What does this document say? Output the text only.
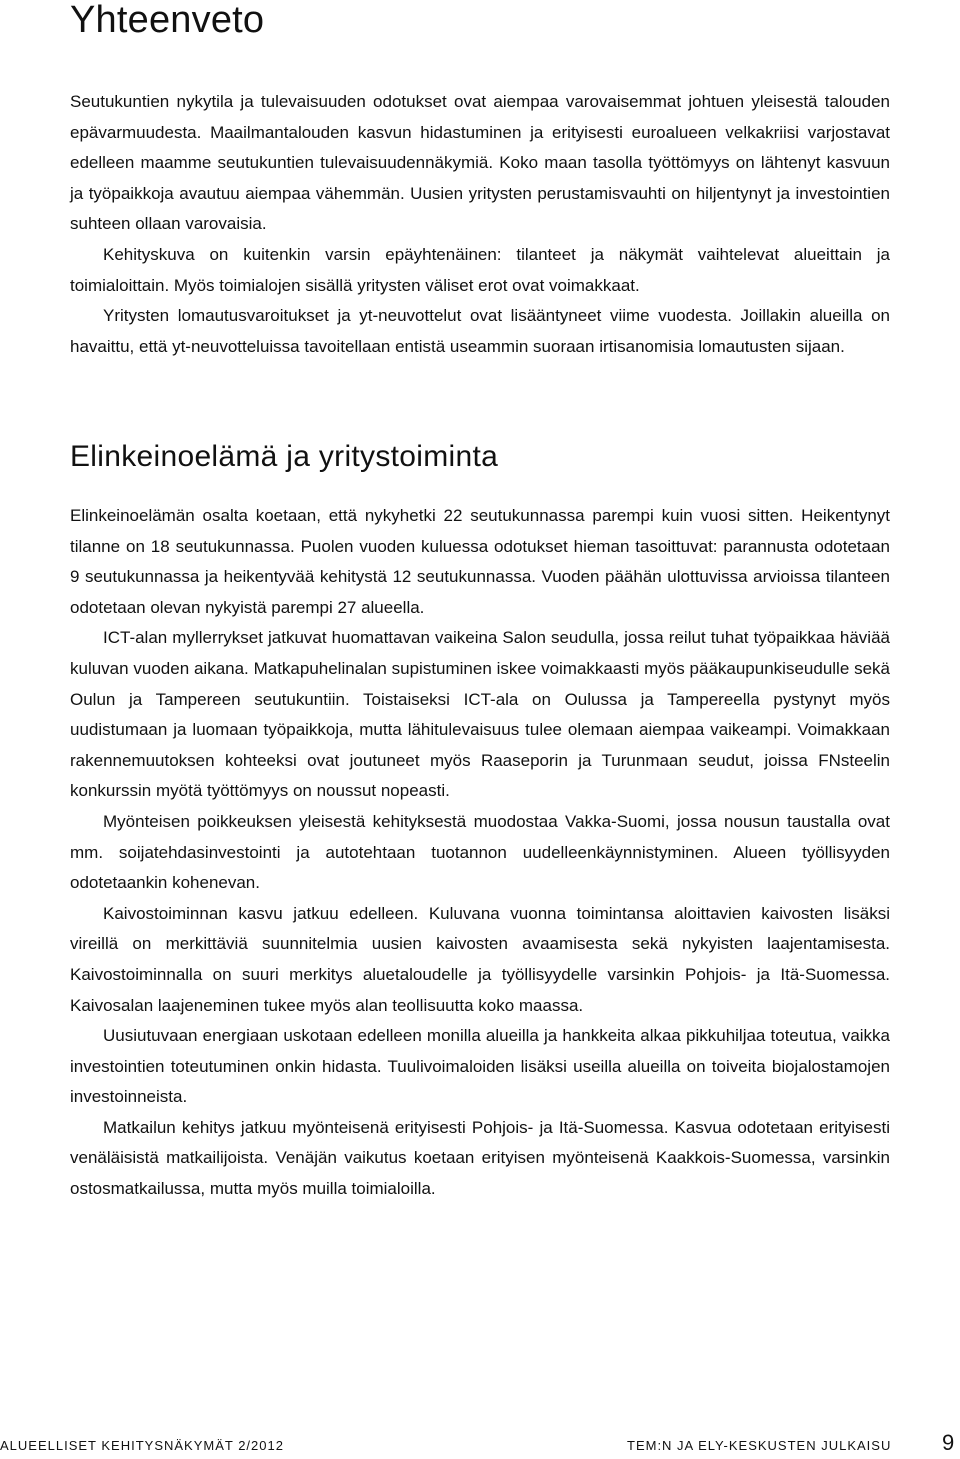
Yhteenveto

Seutukuntien nykytila ja tulevaisuuden odotukset ovat aiempaa varovaisemmat johtuen yleisestä talouden epävarmuudesta. Maailmantalouden kasvun hidastuminen ja erityisesti euroalueen velkakriisi varjostavat edelleen maamme seutukuntien tulevaisuudennäkymiä. Koko maan tasolla työttömyys on lähtenyt kasvuun ja työpaikkoja avautuu aiempaa vähemmän. Uusien yritysten perustamisvauhti on hiljentynyt ja investointien suhteen ollaan varovaisia.

Kehityskuva on kuitenkin varsin epäyhtenäinen: tilanteet ja näkymät vaihtelevat alueittain ja toimialoittain. Myös toimialojen sisällä yritysten väliset erot ovat voimakkaat.

Yritysten lomautusvaroitukset ja yt-neuvottelut ovat lisääntyneet viime vuodesta. Joillakin alueilla on havaittu, että yt-neuvotteluissa tavoitellaan entistä useammin suoraan irtisanomisia lomautusten sijaan.

Elinkeinoelämä ja yritystoiminta

Elinkeinoelämän osalta koetaan, että nykyhetki 22 seutukunnassa parempi kuin vuosi sitten. Heikentynyt tilanne on 18 seutukunnassa. Puolen vuoden kuluessa odotukset hieman tasoittuvat: parannusta odotetaan 9 seutukunnassa ja heikentyvää kehitystä 12 seutukunnassa. Vuoden päähän ulottuvissa arvioissa tilanteen odotetaan olevan nykyistä parempi 27 alueella.

ICT-alan myllerrykset jatkuvat huomattavan vaikeina Salon seudulla, jossa reilut tuhat työpaikkaa häviää kuluvan vuoden aikana. Matkapuhelinalan supistuminen iskee voimakkaasti myös pääkaupunkiseudulle sekä Oulun ja Tampereen seutukuntiin. Toistaiseksi ICT-ala on Oulussa ja Tampereella pystynyt myös uudistumaan ja luomaan työpaikkoja, mutta lähitulevaisuus tulee olemaan aiempaa vaikeampi. Voimakkaan rakennemuutoksen kohteeksi ovat joutuneet myös Raaseporin ja Turunmaan seudut, joissa FNsteelin konkurssin myötä työttömyys on noussut nopeasti.

Myönteisen poikkeuksen yleisestä kehityksestä muodostaa Vakka-Suomi, jossa nousun taustalla ovat mm. soijatehdasinvestointi ja autotehtaan tuotannon uudelleenkäynnistyminen. Alueen työllisyyden odotetaankin kohenevan.

Kaivostoiminnan kasvu jatkuu edelleen. Kuluvana vuonna toimintansa aloittavien kaivosten lisäksi vireillä on merkittäviä suunnitelmia uusien kaivosten avaamisesta sekä nykyisten laajentamisesta. Kaivostoiminnalla on suuri merkitys aluetaloudelle ja työllisyydelle varsinkin Pohjois- ja Itä-Suomessa. Kaivosalan laajeneminen tukee myös alan teollisuutta koko maassa.

Uusiutuvaan energiaan uskotaan edelleen monilla alueilla ja hankkeita alkaa pikkuhiljaa toteutua, vaikka investointien toteutuminen onkin hidasta. Tuulivoimaloiden lisäksi useilla alueilla on toiveita biojalostamojen investoinneista.

Matkailun kehitys jatkuu myönteisenä erityisesti Pohjois- ja Itä-Suomessa. Kasvua odotetaan erityisesti venäläisistä matkailijoista. Venäjän vaikutus koetaan erityisen myönteisenä Kaakkois-Suomessa, varsinkin ostosmatkailussa, mutta myös muilla toimialoilla.

ALUEELLISET KEHITYSNÄKYMÄT 2/2012	TEM:N JA ELY-KESKUSTEN JULKAISU 9
